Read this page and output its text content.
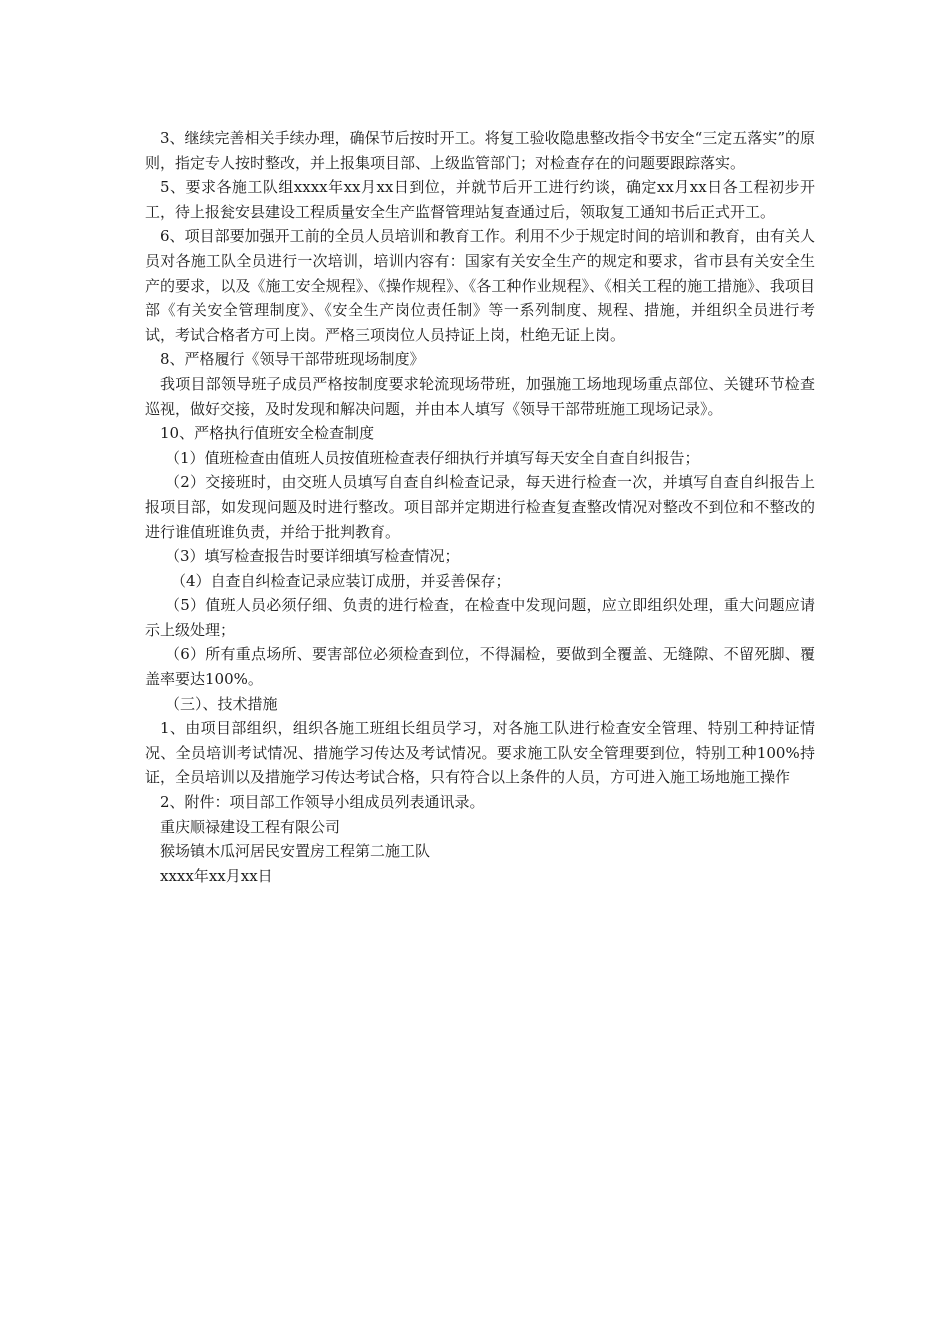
3、继续完善相关手续办理，确保节后按时开工。将复工验收隐患整改指令书安全“三定五落实”的原则，指定专人按时整改，并上报集项目部、上级监管部门；对检查存在的问题要跟踪落实。

5、要求各施工队组xxxx年xx月xx日到位，并就节后开工进行约谈，确定xx月xx日各工程初步开工，待上报瓮安县建设工程质量安全生产监督管理站复查通过后，领取复工通知书后正式开工。

6、项目部要加强开工前的全员人员培训和教育工作。利用不少于规定时间的培训和教育，由有关人员对各施工队全员进行一次培训，培训内容有：国家有关安全生产的规定和要求，省市县有关安全生产的要求，以及《施工安全规程》、《操作规程》、《各工种作业规程》、《相关工程的施工措施》、我项目部《有关安全管理制度》、《安全生产岗位责任制》等一系列制度、规程、措施，并组织全员进行考试，考试合格者方可上岗。严格三项岗位人员持证上岗，杜绝无证上岗。

8、严格履行《领导干部带班现场制度》

我项目部领导班子成员严格按制度要求轮流现场带班，加强施工场地现场重点部位、关键环节检查巡视，做好交接，及时发现和解决问题，并由本人填写《领导干部带班施工现场记录》。

10、严格执行值班安全检查制度

（1）值班检查由值班人员按值班检查表仔细执行并填写每天安全自查自纠报告；

（2）交接班时，由交班人员填写自查自纠检查记录，每天进行检查一次，并填写自查自纠报告上报项目部，如发现问题及时进行整改。项目部并定期进行检查复查整改情况对整改不到位和不整改的进行谁值班谁负责，并给于批判教育。

（3）填写检查报告时要详细填写检查情况；

（4）自查自纠检查记录应装订成册，并妥善保存；

（5）值班人员必须仔细、负责的进行检查，在检查中发现问题，应立即组织处理，重大问题应请示上级处理；

（6）所有重点场所、要害部位必须检查到位，不得漏检，要做到全覆盖、无缝隙、不留死脚、覆盖率要达100%。

（三）、技术措施

1、由项目部组织，组织各施工班组长组员学习，对各施工队进行检查安全管理、特别工种持证情况、全员培训考试情况、措施学习传达及考试情况。要求施工队安全管理要到位，特别工种100%持证，全员培训以及措施学习传达考试合格，只有符合以上条件的人员，方可进入施工场地施工操作

2、附件：项目部工作领导小组成员列表通讯录。

重庆顺禄建设工程有限公司

猴场镇木瓜河居民安置房工程第二施工队

xxxx年xx月xx日
